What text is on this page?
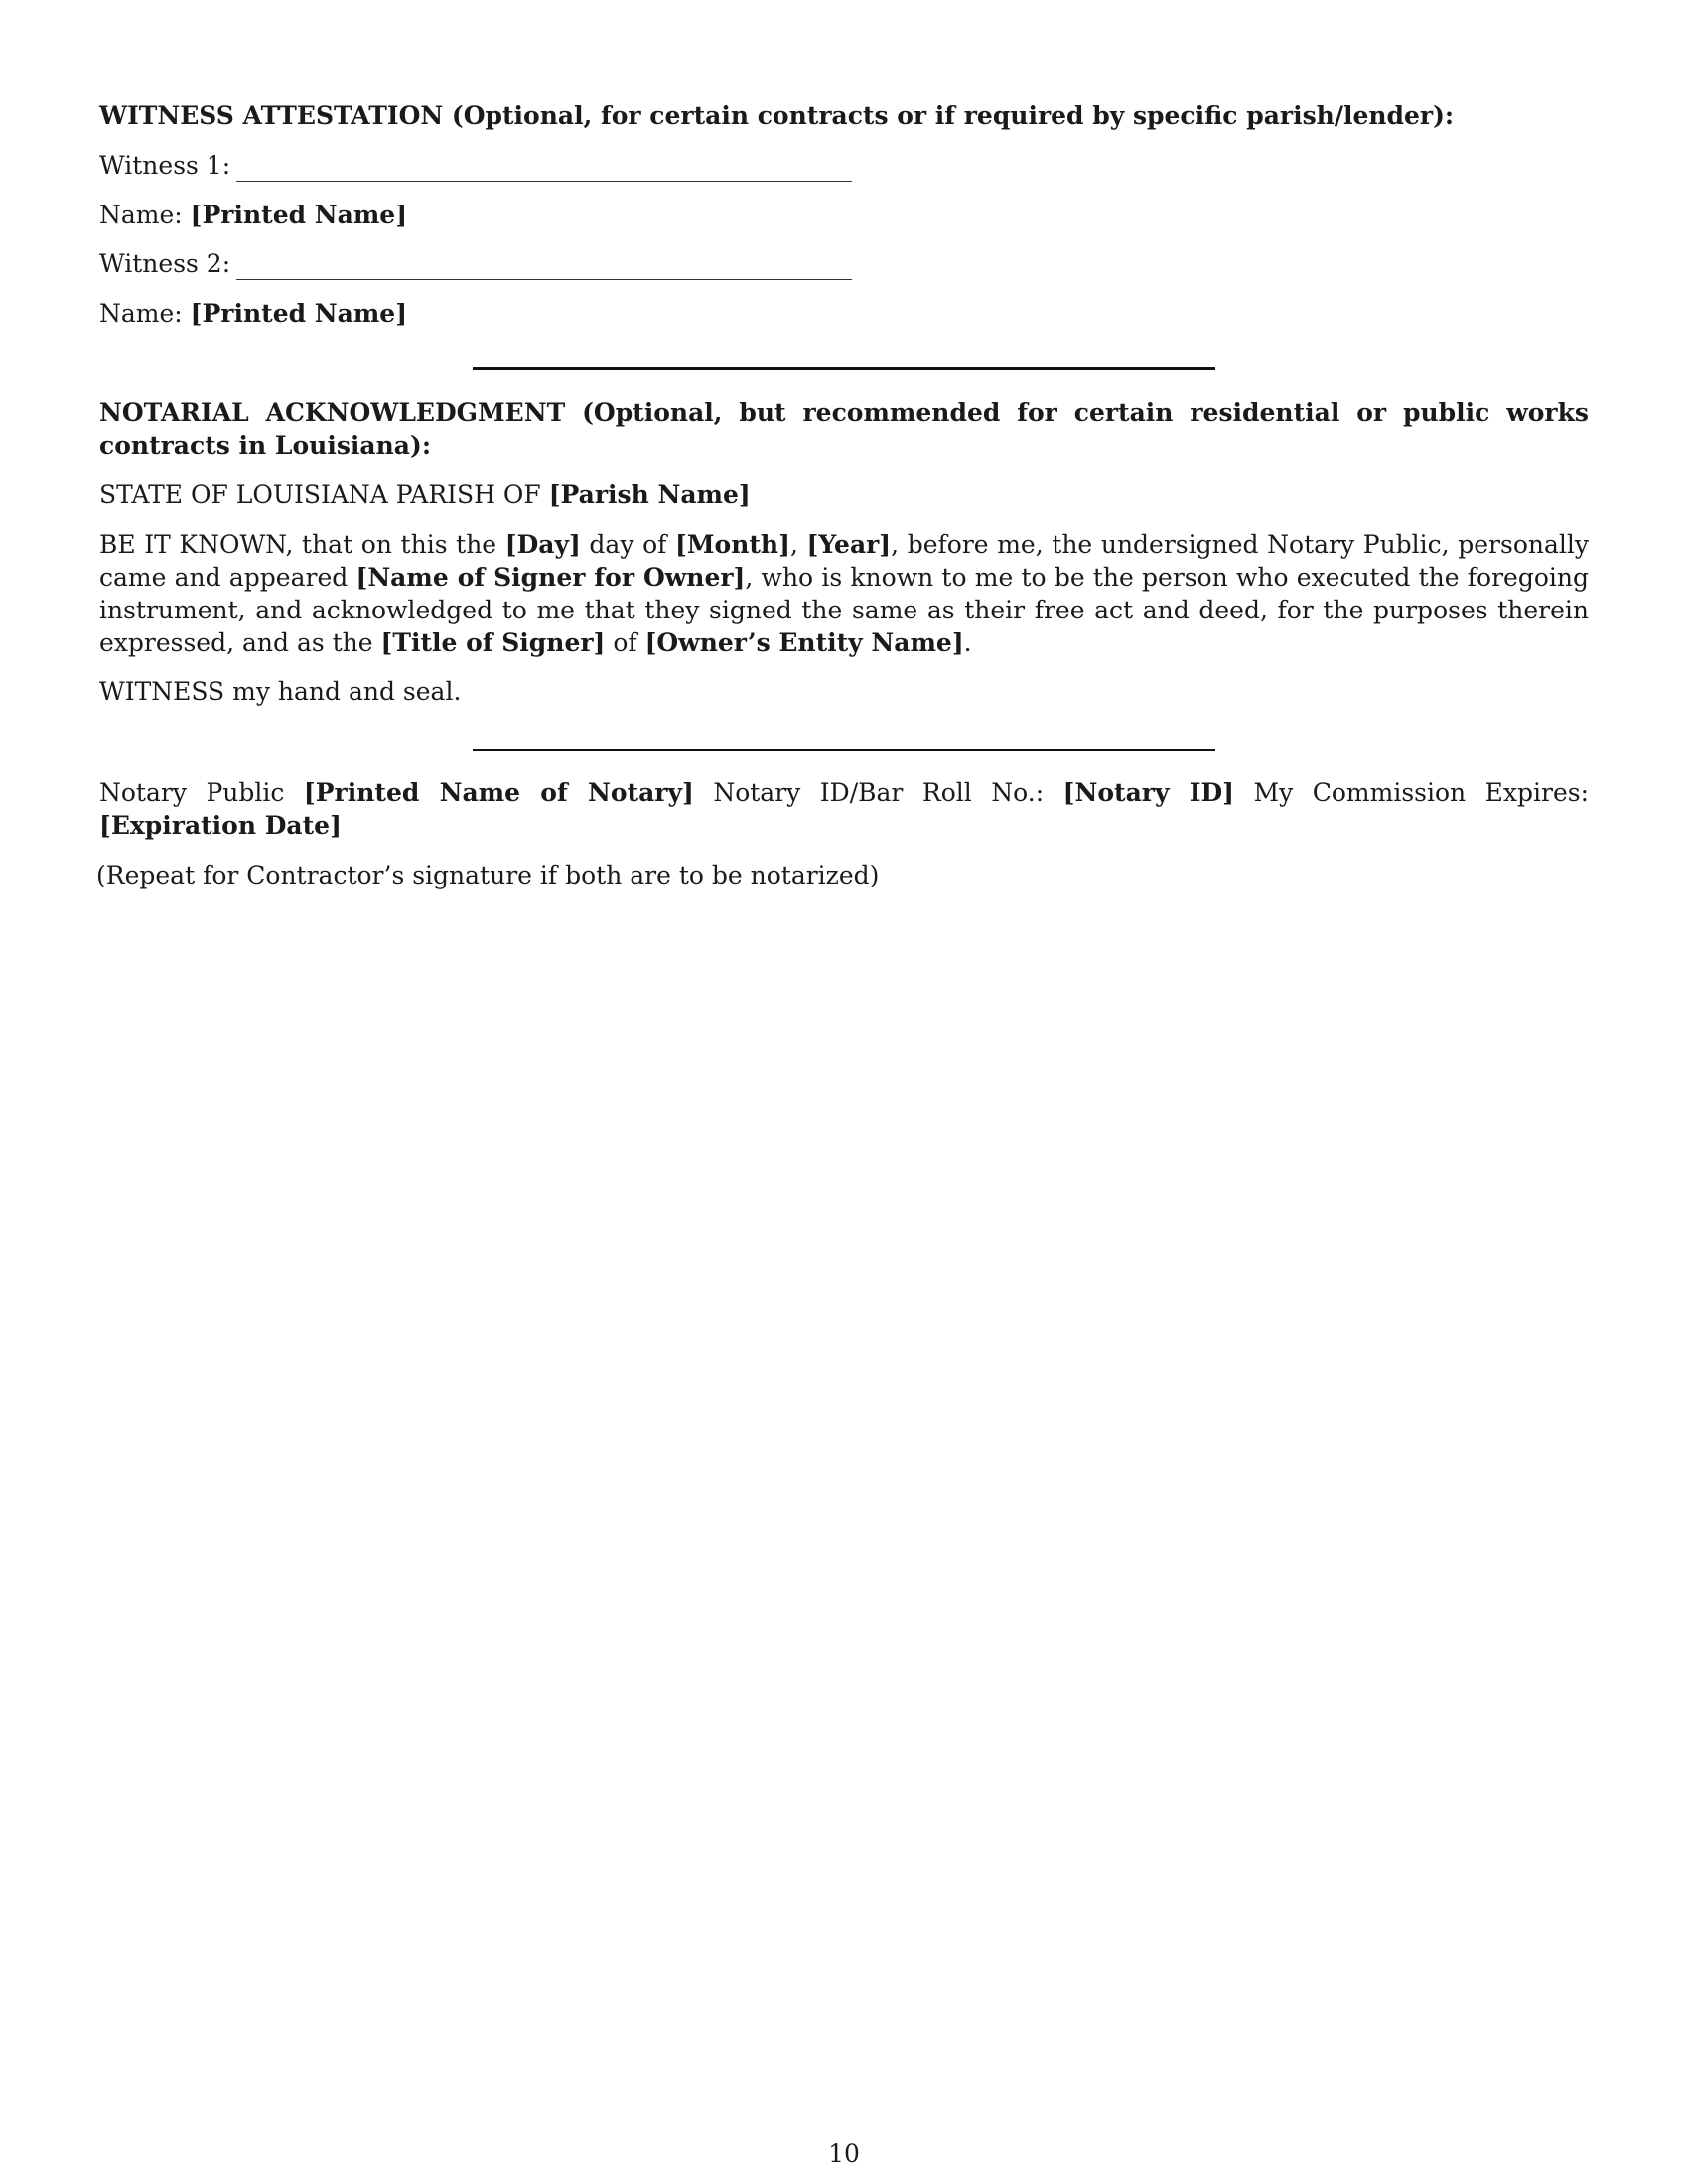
WITNESS ATTESTATION (Optional, for certain contracts or if required by specific parish/lender):

Witness 1:

Name: [Printed Name]

Witness 2:

Name: [Printed Name]

NOTARIAL ACKNOWLEDGMENT (Optional, but recommended for certain residential or public works contracts in Louisiana):

STATE OF LOUISIANA PARISH OF [Parish Name]

BE IT KNOWN, that on this the [Day] day of [Month], [Year], before me, the undersigned Notary Public, personally came and appeared [Name of Signer for Owner], who is known to me to be the person who executed the foregoing instrument, and acknowledged to me that they signed the same as their free act and deed, for the purposes therein expressed, and as the [Title of Signer] of [Owner’s Entity Name].

WITNESS my hand and seal.

Notary Public [Printed Name of Notary] Notary ID/Bar Roll No.: [Notary ID] My Commission Expires: [Expiration Date]

(Repeat for Contractor’s signature if both are to be notarized)

10
